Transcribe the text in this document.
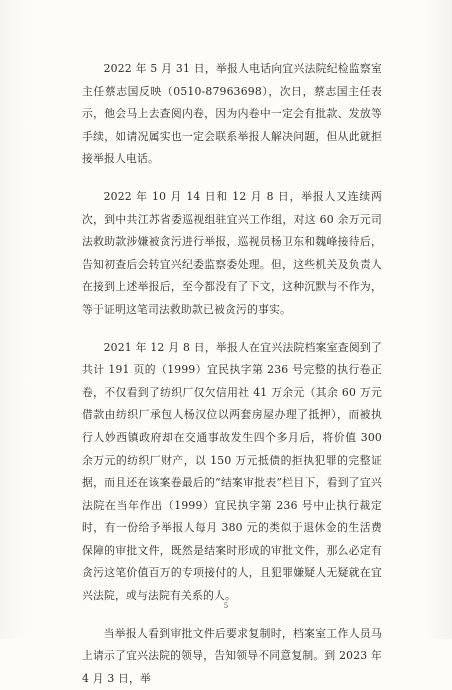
2022 年 5 月 31 日，举报人电话向宜兴法院纪检监察室主任蔡志国反映（0510-87963698），次日，蔡志国主任表示，他会马上去查阅内卷，因为内卷中一定会有批款、发放等手续，如请况属实也一定会联系举报人解决问题，但从此就拒接举报人电话。

2022 年 10 月 14 日和 12 月 8 日，举报人又连续两次，到中共江苏省委巡视组驻宜兴工作组，对这 60 余万元司法救助款涉嫌被贪污进行举报，巡视员杨卫东和魏峰接待后，告知初查后会转宜兴纪委监察委处理。但，这些机关及负责人在接到上述举报后，至今都没有了下文，这种沉默与不作为，等于证明这笔司法救助款已被贪污的事实。

2021 年 12 月 8 日，举报人在宜兴法院档案室查阅到了共计 191 页的（1999）宜民执字第 236 号完整的执行卷正卷，不仅看到了纺织厂仅欠信用社 41 万余元（其余 60 万元借款由纺织厂承包人杨汉位以两套房屋办理了抵押），而被执行人妙西镇政府却在交通事故发生四个多月后，将价值 300 余万元的纺织厂财产，以 150 万元抵债的拒执犯罪的完整证据，而且还在该案卷最后的“结案审批表”栏目下，看到了宜兴法院在当年作出（1999）宜民执字第 236 号中止执行裁定时，有一份给予举报人每月 380 元的类似于退休金的生活费保障的审批文件，既然是结案时形成的审批文件，那么必定有贪污这笔价值百万的专项接付的人，且犯罪嫌疑人无疑就在宜兴法院，或与法院有关系的人。

当举报人看到审批文件后要求复制时，档案室工作人员马上请示了宜兴法院的领导，告知领导不同意复制。到 2023 年 4 月 3 日，举

5
